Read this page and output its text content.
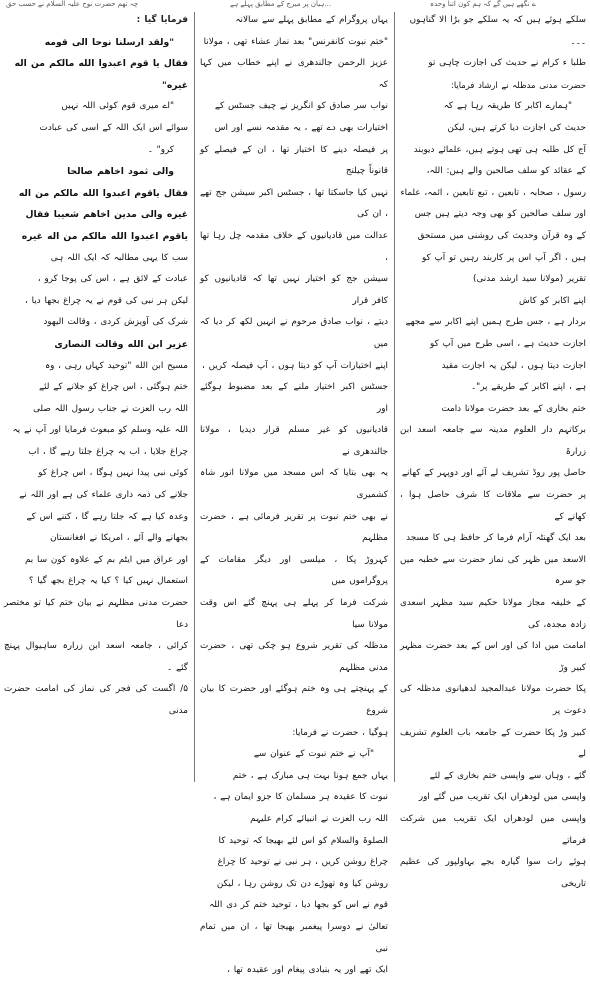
چہ تھم حضرت نوح علیہ السلام نے حسب حق	...ہیان پر میرج کے مطابق پہلے ہے	ے نگھے ہیں گے کہ ہم کون اتنا وحدہ

سلکے ہوئے ہیں کہ یہ سلکے جو بڑا الا گناہوں

۔۔۔

طلبا ء کرام نے حدیث کی اجازت چاہی تو

حضرت مدنی مدظلہ نے ارشاد فرمایا:

"ہمارے اکابر کا طریقہ رہا ہے کہ

حدیث کی اجازت دیا کرتے ہیں، لیکن

آج کل طلبہ ہی تھی ہوتے ہیں، علمائے دیوبند

کے عقائد کو سلف صالحین والے ہیں: اللہ،

رسول ، صحابہ ، تابعین ، تبع تابعین ، ائمہ، علماء

اور سلف صالحین کو بھی وجہ دیتے ہیں جس

کے وہ قرآن وحدیث کی روشنی میں مستحق

ہیں ، اگر آپ اس پر کاربند رہیں تو آپ کو

تقرير (مولانا سید ارشد مدنی)

اپنے اکابر کو کاش

بردار ہے ، جس طرح ہمیں اپنے اکابر سے مجھے

اجازت حدیث ہے ، اسی طرح میں آپ کو

اجازت دیتا ہوں ، لیکن یہ اجازت مقید

ہے ، اپنے اکابر کے طریقے پر"۔

ختم بخاری کے بعد حضرت مولانا دامت

برکاتہم دار العلوم مدینہ سے جامعہ اسعد ابن زرارۃ

حاصل پور روڈ تشریف لے آئے اور دوپہر کے کھانے

پر حضرت سے ملاقات کا شرف حاصل ہوا ، کھانے کے

بعد ایک گھنٹہ آرام فرما کر حافظ ہی کا مسجد

الاسعد میں ظہر کی نماز حضرت سے خطبہ میں جو سرہ

کے خلیفہ مجاز مولانا حکیم سید مظہر اسعدی زادہ مجدہ، کی

امامت میں ادا کی اور اس کے بعد حضرت مظہر کبیر وڑ

پکا حضرت مولانا عبدالمجید لدھیانوی مدظلہ کی دعوت پر

کبیر وڑ پکا حضرت کے جامعہ باب العلوم تشریف لے

گئے ، وہاں سے واپسی ختم بخاری کے لئے

واپسی میں لودھراں ایک تقریب میں گئے اور

واپسی میں لودھراں ایک تقریب میں شرکت فرماتے

ہوئے رات سوا گیارہ بجے بہاولپور کی عظیم تاریخی

یہاں پروگرام کے مطابق پہلے سے سالانہ

"ختم نبوت کانفرنس" بعد نماز عشاء تھی ، مولانا

عزیز الرحمن جالندھری نے اپنے خطاب میں کہا کہ

نواب سر صادق کو انگریز نے چیف جسٹس کے

اختیارات بھی دے تھے ، یہ مقدمہ نسے اور اس

پر فیصلہ دینے کا اختیار تھا ، ان کے فیصلے کو قانوناً چیلنج

نہیں کیا جاسکتا تھا ، جسٹس اکبر سیشن جج تھے ، ان کی

عدالت میں قادیانیوں کے خلاف مقدمہ چل رہا تھا ،

سیشن جج کو اختیار نہیں تھا کہ قادیانیوں کو کافر قرار

دیتے ، نواب صادق مرحوم نے انہیں لکھ کر دیا کہ میں

اپنے اختیارات آپ کو دیتا ہوں ، آپ فیصلہ کریں ،

جسٹس اکبر اختیار ملنے کے بعد مضبوط ہوگئے اور

قادیانیوں کو غیر مسلم قرار دیدیا ، مولانا جالندھری نے

یہ بھی بتایا کہ اس مسجد میں مولانا انور شاہ کشمیری

نے بھی ختم نبوت پر تقریر فرمائی ہے ، حضرت مظلہم

کہروڑ پکا ، میلسی اور دیگر مقامات کے پروگراموں میں

شرکت فرما کر پہلے ہی پہنچ گئے اس وقت مولانا سیا

مدظلہ کی تقریر شروع ہو چکی تھی ، حضرت مدنی مظلہم

کے پہنچتے ہی وہ ختم ہوگئے اور حضرت کا بیان شروع

ہوگیا ، حضرت نے فرمایا:

"آپ نے ختم نبوت کے عنوان سے

یہاں جمع ہونا بہت ہی مبارک ہے ، ختم

نبوت کا عقیدہ ہر مسلمان کا جزو ایمان ہے ،

اللہ رب العزت نے انبیائے کرام علیہم

الصلوۃ والسلام کو اس لئے بھیجا کہ توحید کا

چراغ روشن کریں ، ہر نبی نے توحید کا چراغ

روشن کیا وہ تھوڑے دن تک روشن رہا ، لیکن

قوم نے اس کو بجھا دیا ، توحید ختم کر دی اللہ

تعالیٰ نے دوسرا پیغمبر بھیجا تھا ، ان میں تمام نبی

ایک تھے اور یہ بنیادی پیغام اور عقیدہ تھا ،

فرمایا گیا :

"ولقد ارسلنا نوحا الی قومه

فقال یا قوم اعبدوا الله مالکم من اله

غیره"

"اے میری قوم کوئی اللہ نہیں

سوائے اس ایک اللہ کے اسی کی عبادت

کرو" ۔

والی ثمود اخاھم صالحا

فقال یاقوم اعبدوا الله مالکم من اله

غیره والی مدین اخاھم شعیبا فقال

یاقوم اعبدوا الله مالکم من اله غیره

سب کا یہی مطالبہ کہ ایک اللہ ہی

عبادت کے لائق ہے ، اس کی پوجا کرو ،

لیکن ہر نبی کی قوم نے یہ چراغ بجھا دیا ،

شرک کی آویزش کردی ، وقالت الیهود

عزیر ابن الله وقالت النصاری

مسیح ابن الله "توحید کہاں رہی ، وہ

ختم ہوگئی ، اس چراغ کو جلانے کے لئے

اللہ رب العزت نے جناب رسول اللہ صلی

اللہ علیہ وسلم کو مبعوث فرمایا اور آپ نے یہ

چراغ جلایا ، اب یہ چراغ جلتا رہے گا ، اب

کوئی نبی پیدا نہیں ہوگا ، اس چراغ کو

جلانے کی ذمہ داری علماء کی ہے اور اللہ نے

وعدہ کیا ہے کہ جلتا رہے گا ، کتنے اس کے

بجھانے والے آئے ، امریکا نے افغانستان

اور عراق میں ایٹم بم کے علاوہ کون سا بم

استعمال نہیں کیا ؟ کیا یہ چراغ بجھ گیا ؟

حضرت مدنی مظلہم نے بیان ختم کیا تو مختصر دعا

کرائی ، جامعہ اسعد ابن زرارہ ساہیوال پہنچ گئے ۔

۵/ اگست کی فجر کی نماز کی امامت حضرت مدنی
